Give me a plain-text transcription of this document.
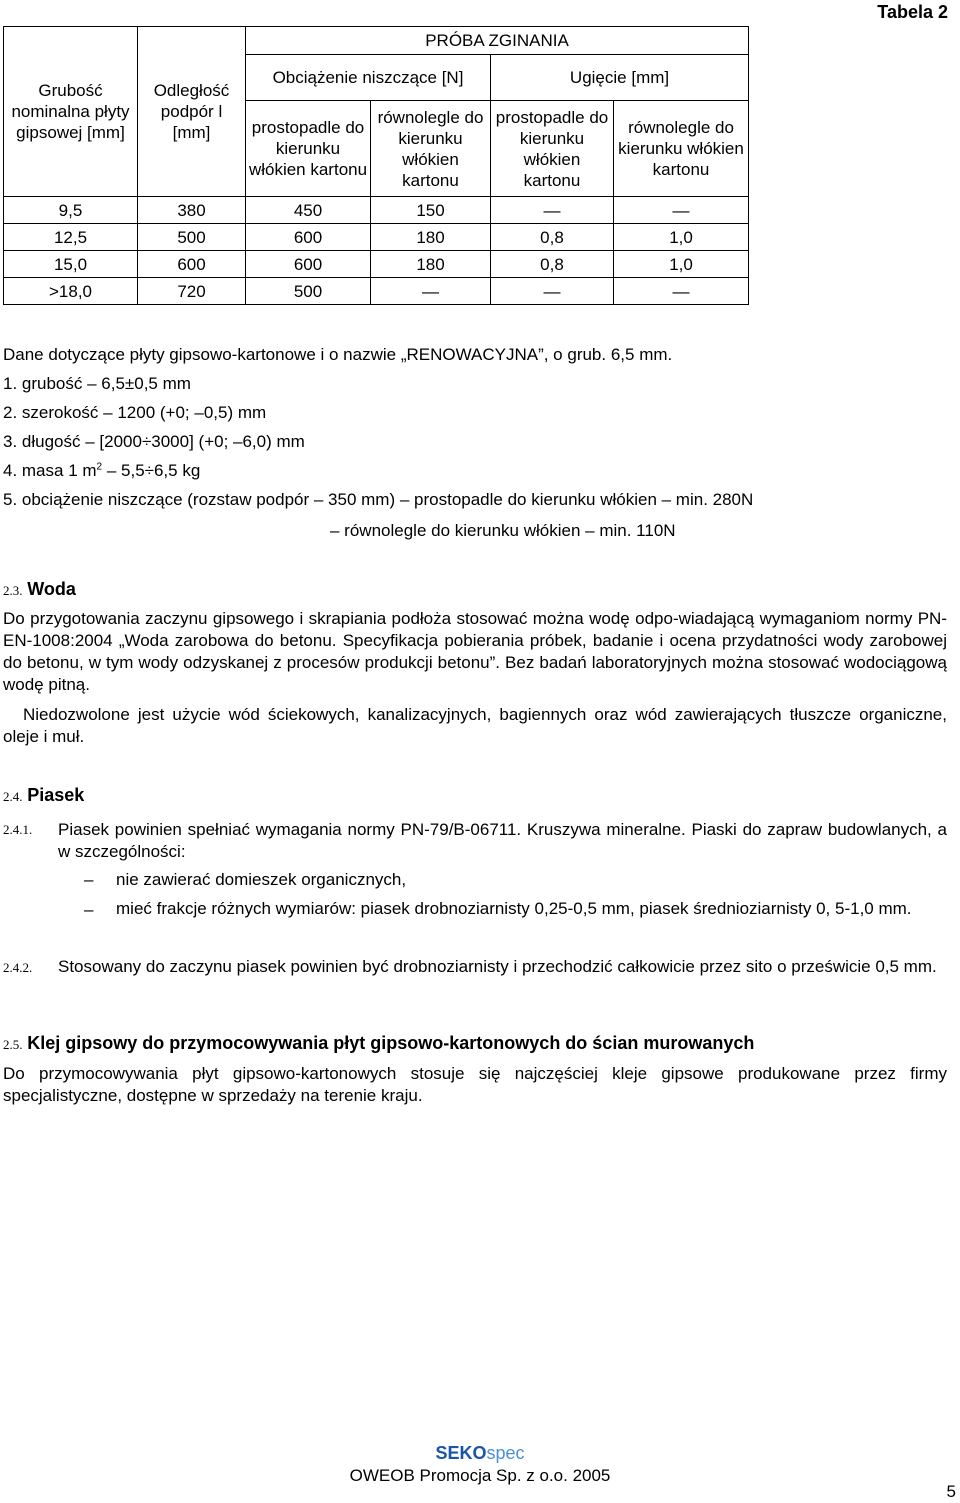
Tabela 2
Grubość nominalna płyty gipsowej [mm]	Odległość podpór l [mm]	PRÓBA ZGINANIA			
		Obciążenie niszczące [N]		Ugięcie [mm]	
		prostopadle do kierunku włókien kartonu	równolegle do kierunku włókien kartonu	prostopadle do kierunku włókien kartonu	równolegle do kierunku włókien kartonu
9,5	380	450	150	—	—
12,5	500	600	180	0,8	1,0
15,0	600	600	180	0,8	1,0
>18,0	720	500	—	—	—
Dane dotyczące płyty gipsowo-kartonowe i o nazwie „RENOWACYJNA”, o grub. 6,5 mm.
1. grubość – 6,5±0,5 mm
2. szerokość – 1200 (+0; –0,5) mm
3. długość – [2000÷3000] (+0; –6,0) mm
4. masa 1 $m^2 - 5,5\div 6,5$ kg
5. obciążenie niszczące (rozstaw podpór – 350 mm) – prostopadle do kierunku włókien – min. 280N
– równolegle do kierunku włókien – min. 110N
2.3. Woda
Do przygotowania zaczynu gipsowego i skrapiania podłoża stosować można wodę odpo-wiadającą wymaganiom normy PN-EN-1008:2004 „Woda zarobowa do betonu. Specyfikacja pobierania próbek, badanie i ocena przydatności wody zarobowej do betonu, w tym wody odzyskanej z procesów produkcji betonu”. Bez badań laboratoryjnych można stosować wodociągową wodę pitną.
Niedozwolone jest użycie wód ściekowych, kanalizacyjnych, bagiennych oraz wód zawierających tłuszcze organiczne, oleje i muł.
2.4. Piasek
2.4.1. Piasek powinien spełniać wymagania normy PN-79/B-06711. Kruszywa mineralne. Piaski do zapraw budowlanych, a w szczególności:
– nie zawierać domieszek organicznych,
– mieć frakcje różnych wymiarów: piasek drobnoziarnisty 0,25-0,5 mm, piasek średnioziarnisty 0, 5-1,0 mm.
2.4.2. Stosowany do zaczynu piasek powinien być drobnoziarnisty i przechodzić całkowicie przez sito o prześwicie 0,5 mm.
2.5. Klej gipsowy do przymocowywania płyt gipsowo-kartonowych do ścian murowanych
Do przymocowywania płyt gipsowo-kartonowych stosuje się najczęściej kleje gipsowe produkowane przez firmy specjalistyczne, dostępne w sprzedaży na terenie kraju.
SEKOspec
OWEOB Promocja Sp. z o.o. 2005
5
